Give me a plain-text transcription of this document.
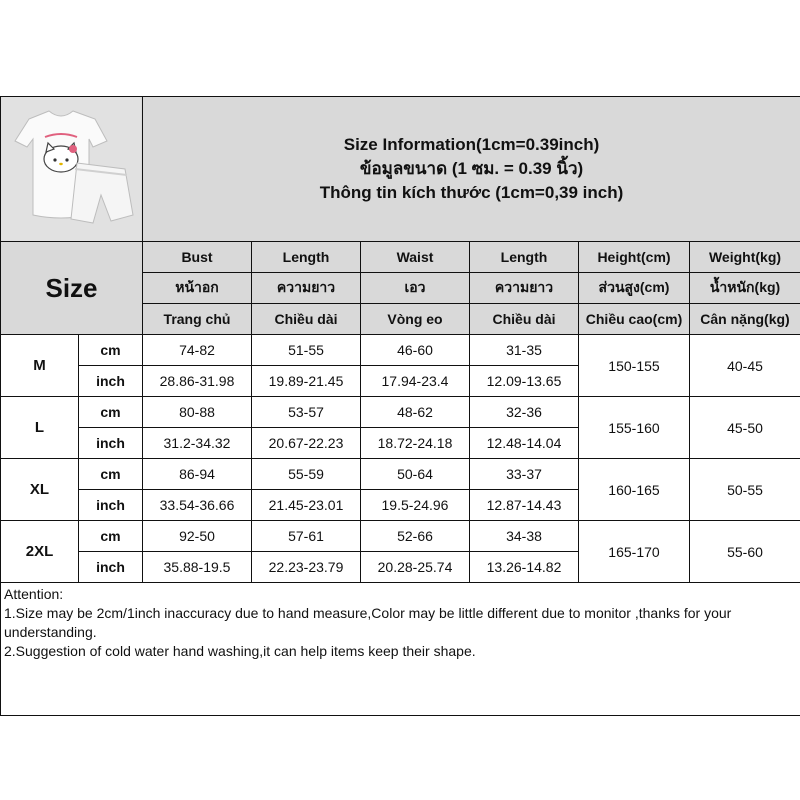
Size Information(1cm=0.39inch)
ข้อมูลขนาด (1 ซม. = 0.39 นิ้ว)
Thông tin kích thước (1cm=0,39 inch)					

Size		Bust	Length	Waist	Length	Height(cm)	Weight(kg)
		หน้าอก	ความยาว	เอว	ความยาว	ส่วนสูง(cm)	น้ำหนัก(kg)
		Trang chủ	Chiều dài	Vòng eo	Chiều dài	Chiều cao(cm)	Cân nặng(kg)
M	cm	74-82	51-55	46-60	31-35	150-155	40-45
	inch	28.86-31.98	19.89-21.45	17.94-23.4	12.09-13.65		
L	cm	80-88	53-57	48-62	32-36	155-160	45-50
	inch	31.2-34.32	20.67-22.23	18.72-24.18	12.48-14.04		
XL	cm	86-94	55-59	50-64	33-37	160-165	50-55
	inch	33.54-36.66	21.45-23.01	19.5-24.96	12.87-14.43		
2XL	cm	92-50	57-61	52-66	34-38	165-170	55-60
	inch	35.88-19.5	22.23-23.79	20.28-25.74	13.26-14.82		

Attention:

1.Size may be 2cm/1inch inaccuracy due to hand measure,Color may be little different due to monitor ,thanks for your understanding.

2.Suggestion of cold water hand washing,it can help items keep their shape.							
